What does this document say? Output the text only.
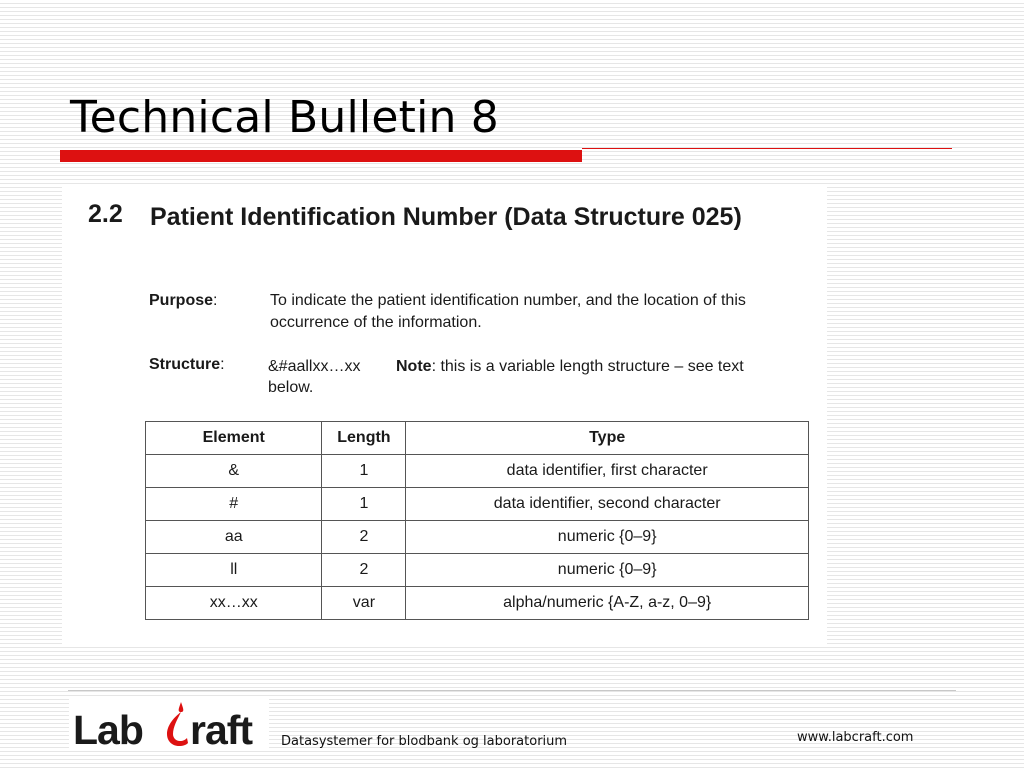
Technical Bulletin 8
2.2 Patient Identification Number (Data Structure 025)
Purpose:	To indicate the patient identification number, and the location of this occurrence of the information.
Structure:	&#aallxx…xx Note: this is a variable length structure – see text
below.
Element	Length	Type
&	1	data identifier, first character
#	1	data identifier, second character
aa	2	numeric {0–9}
ll	2	numeric {0–9}
xx…xx	var	alpha/numeric {A-Z, a-z, 0–9}
Lab raft Datasystemer for blodbank og laboratorium	www.labcraft.com
